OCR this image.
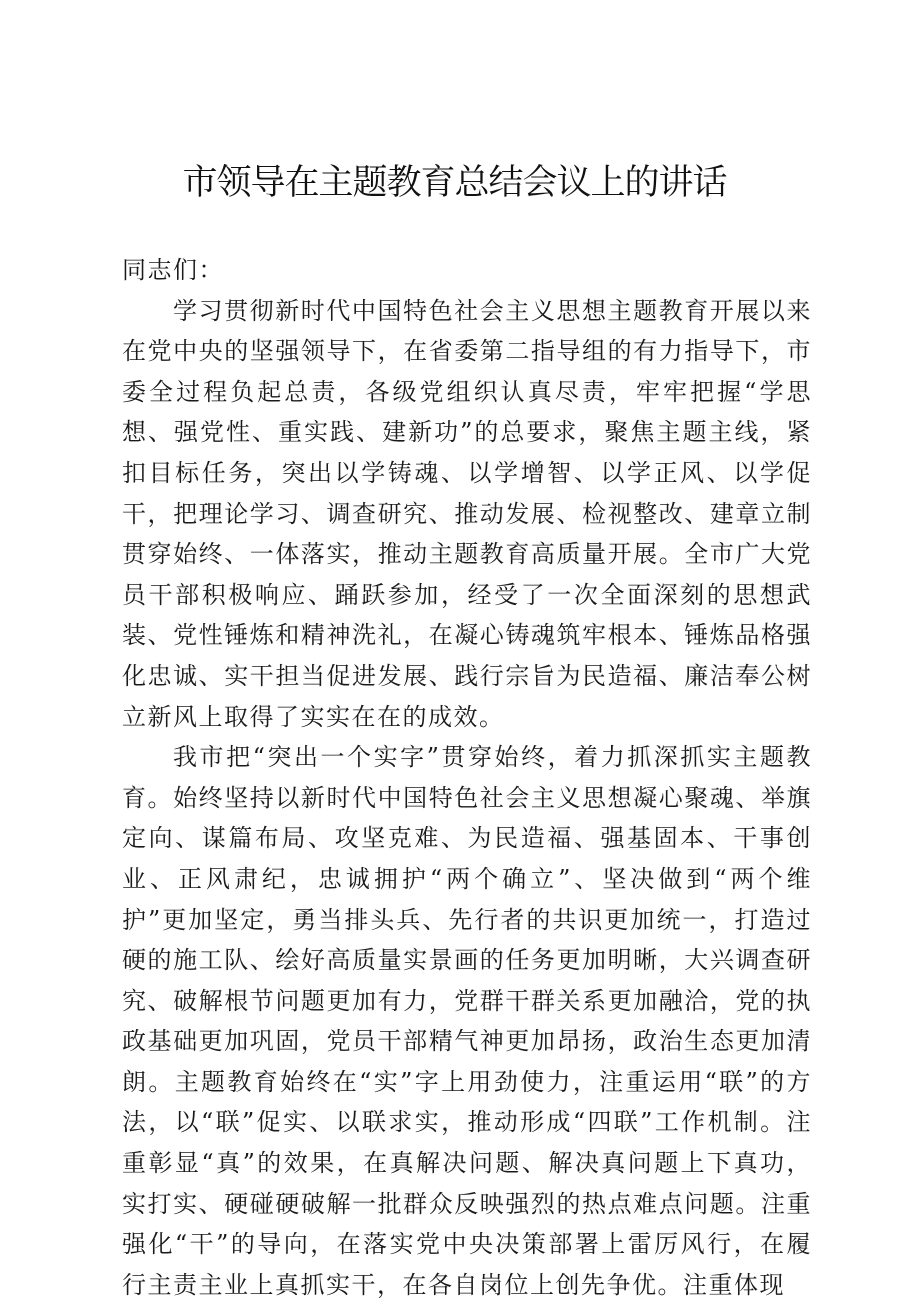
市领导在主题教育总结会议上的讲话

同志们：

学习贯彻新时代中国特色社会主义思想主题教育开展以来在党中央的坚强领导下，在省委第二指导组的有力指导下，市委全过程负起总责，各级党组织认真尽责，牢牢把握“学思想、强党性、重实践、建新功”的总要求，聚焦主题主线，紧扣目标任务，突出以学铸魂、以学增智、以学正风、以学促干，把理论学习、调查研究、推动发展、检视整改、建章立制贯穿始终、一体落实，推动主题教育高质量开展。全市广大党员干部积极响应、踊跃参加，经受了一次全面深刻的思想武装、党性锤炼和精神洗礼，在凝心铸魂筑牢根本、锤炼品格强化忠诚、实干担当促进发展、践行宗旨为民造福、廉洁奉公树立新风上取得了实实在在的成效。

我市把“突出一个实字”贯穿始终，着力抓深抓实主题教育。始终坚持以新时代中国特色社会主义思想凝心聚魂、举旗定向、谋篇布局、攻坚克难、为民造福、强基固本、干事创业、正风肃纪，忠诚拥护“两个确立”、坚决做到“两个维护”更加坚定，勇当排头兵、先行者的共识更加统一，打造过硬的施工队、绘好高质量实景画的任务更加明晰，大兴调查研究、破解根节问题更加有力，党群干群关系更加融洽，党的执政基础更加巩固，党员干部精气神更加昂扬，政治生态更加清朗。主题教育始终在“实”字上用劲使力，注重运用“联”的方法，以“联”促实、以联求实，推动形成“四联”工作机制。注重彰显“真”的效果，在真解决问题、解决真问题上下真功，实打实、硬碰硬破解一批群众反映强烈的热点难点问题。注重强化“干”的导向，在落实党中央决策部署上雷厉风行，在履行主责主业上真抓实干，在各自岗位上创先争优。注重体现
